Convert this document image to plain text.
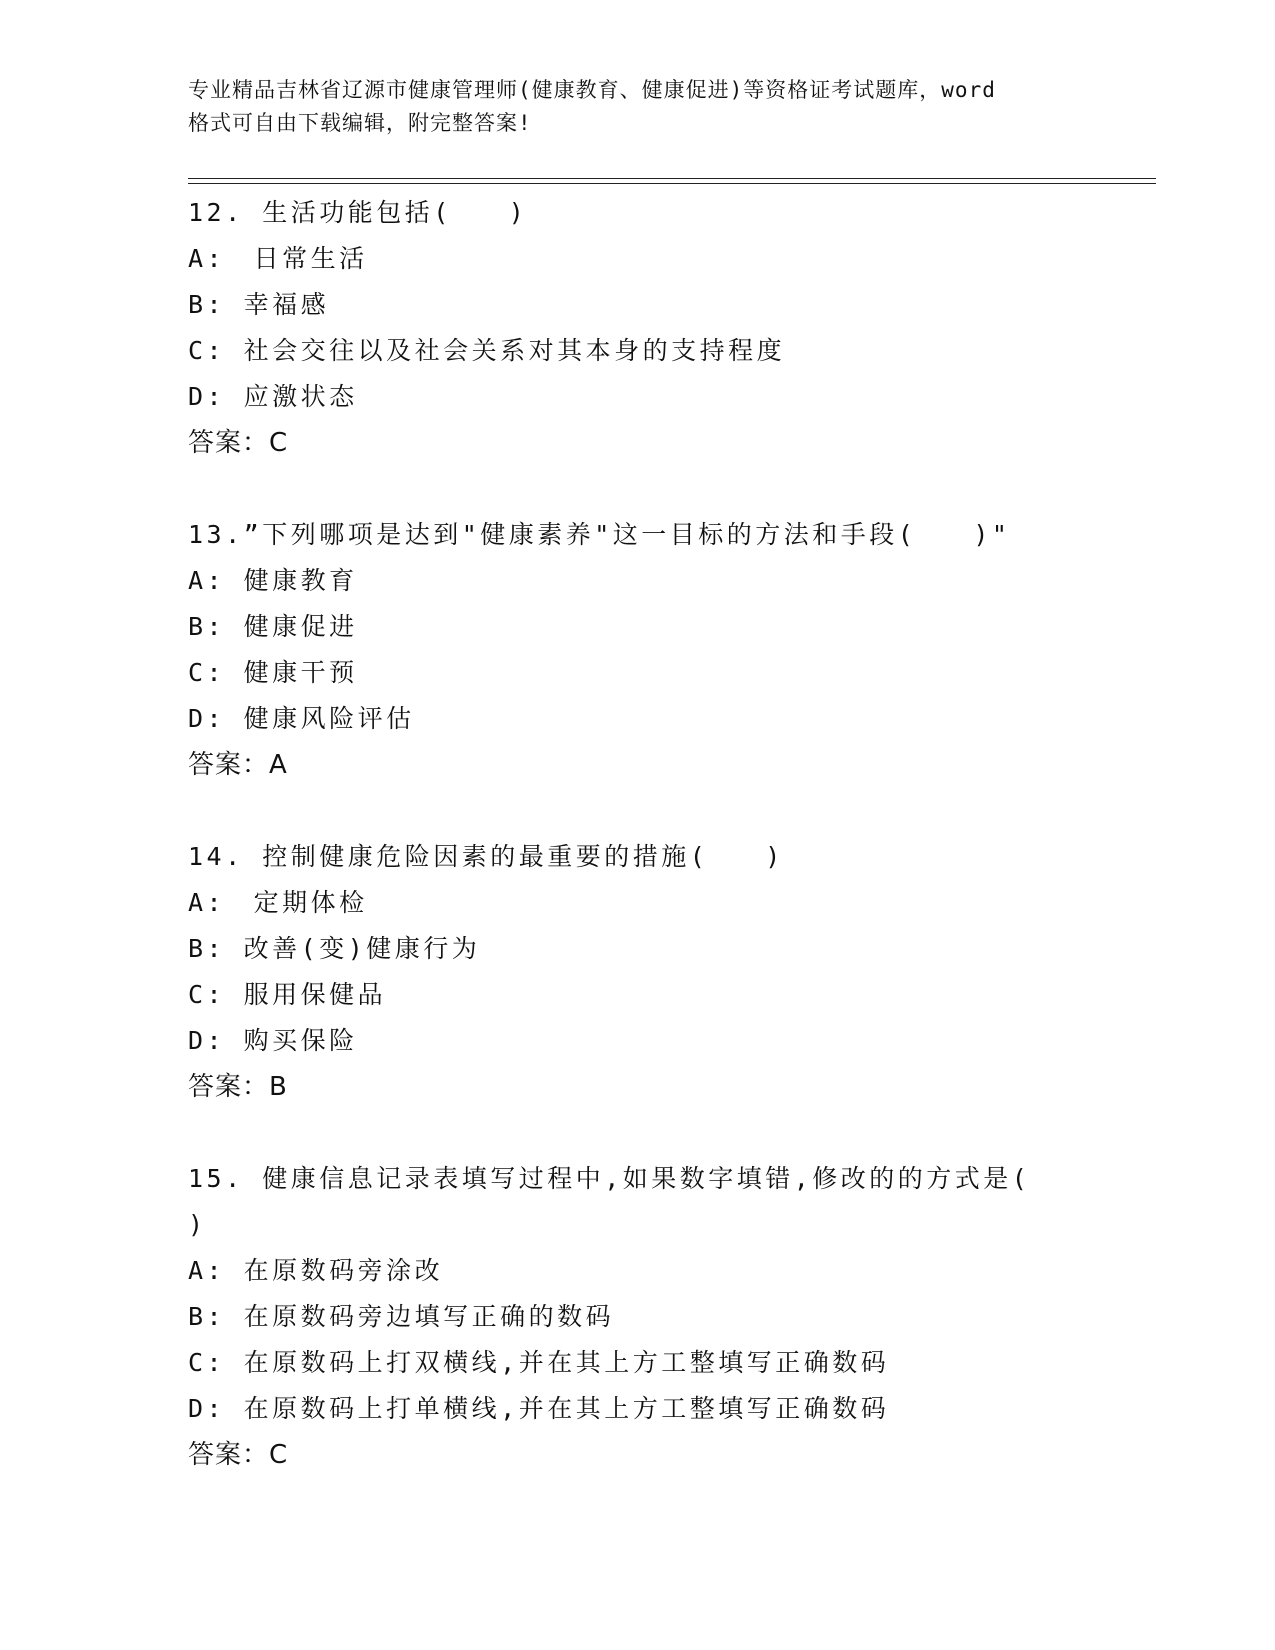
专业精品吉林省辽源市健康管理师(健康教育、健康促进)等资格证考试题库，word
格式可自由下载编辑，附完整答案!
12. 生活功能包括(　　)
A:　日常生活
B: 幸福感
C: 社会交往以及社会关系对其本身的支持程度
D: 应激状态
答案：C
13.”下列哪项是达到"健康素养"这一目标的方法和手段(　　)"
A: 健康教育
B: 健康促进
C: 健康干预
D: 健康风险评估
答案：A
14. 控制健康危险因素的最重要的措施(　　)
A:　定期体检
B: 改善(变)健康行为
C: 服用保健品
D: 购买保险
答案：B
15. 健康信息记录表填写过程中,如果数字填错,修改的的方式是(
)
A: 在原数码旁涂改
B: 在原数码旁边填写正确的数码
C: 在原数码上打双横线,并在其上方工整填写正确数码
D: 在原数码上打单横线,并在其上方工整填写正确数码
答案：C
